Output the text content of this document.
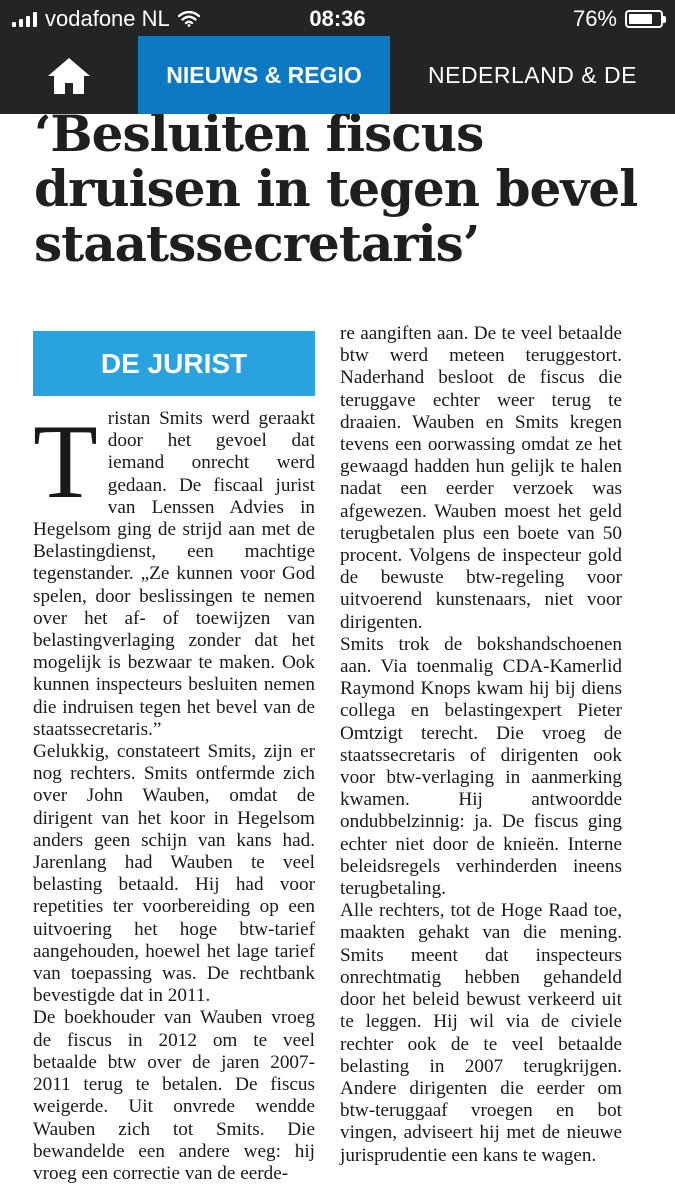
vodafone NL	08:36	76%
NIEUWS & REGIO	NEDERLAND & DE
‘Besluiten fiscus druisen in tegen bevel staatssecretaris’
DE JURIST

Tristan Smits werd geraakt door het gevoel dat iemand onrecht werd gedaan. De fiscaal jurist van Lenssen Advies in Hegelsom ging de strijd aan met de Belastingdienst, een machtige tegenstander. „Ze kunnen voor God spelen, door beslissingen te nemen over het af- of toewijzen van belastingverlaging zonder dat het mogelijk is bezwaar te maken. Ook kunnen inspecteurs besluiten nemen die indruisen tegen het bevel van de staatssecretaris.”

Gelukkig, constateert Smits, zijn er nog rechters. Smits ontfermde zich over John Wauben, omdat de dirigent van het koor in Hegelsom anders geen schijn van kans had. Jarenlang had Wauben te veel belasting betaald. Hij had voor repetities ter voorbereiding op een uitvoering het hoge btw-tarief aangehouden, hoewel het lage tarief van toepassing was. De rechtbank bevestigde dat in 2011.

De boekhouder van Wauben vroeg de fiscus in 2012 om te veel betaalde btw over de jaren 2007-2011 terug te betalen. De fiscus weigerde. Uit onvrede wendde Wauben zich tot Smits. Die bewandelde een andere weg: hij vroeg een correctie van de eerde-

re aangiften aan. De te veel betaalde btw werd meteen teruggestort. Naderhand besloot de fiscus die teruggave echter weer terug te draaien. Wauben en Smits kregen tevens een oorwassing omdat ze het gewaagd hadden hun gelijk te halen nadat een eerder verzoek was afgewezen. Wauben moest het geld terugbetalen plus een boete van 50 procent. Volgens de inspecteur gold de bewuste btw-regeling voor uitvoerend kunstenaars, niet voor dirigenten.

Smits trok de bokshandschoenen aan. Via toenmalig CDA-Kamerlid Raymond Knops kwam hij bij diens collega en belastingexpert Pieter Omtzigt terecht. Die vroeg de staatssecretaris of dirigenten ook voor btw-verlaging in aanmerking kwamen. Hij antwoordde ondubbelzinnig: ja. De fiscus ging echter niet door de knieën. Interne beleidsregels verhinderden ineens terugbetaling.

Alle rechters, tot de Hoge Raad toe, maakten gehakt van die mening. Smits meent dat inspecteurs onrechtmatig hebben gehandeld door het beleid bewust verkeerd uit te leggen. Hij wil via de civiele rechter ook de te veel betaalde belasting in 2007 terugkrijgen. Andere dirigenten die eerder om btw-teruggaaf vroegen en bot vingen, adviseert hij met de nieuwe jurisprudentie een kans te wagen.
